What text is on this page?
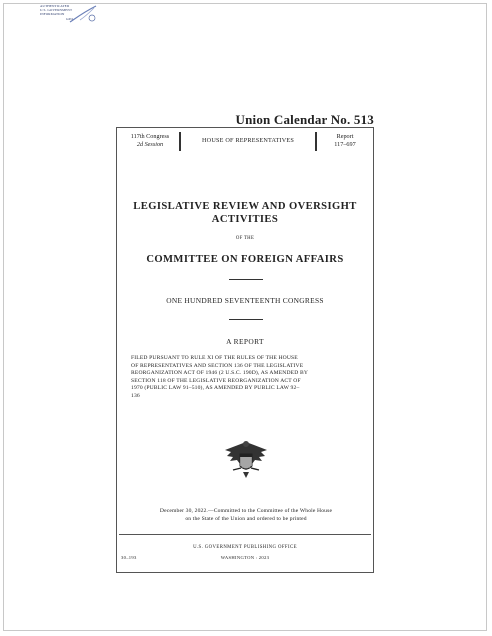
AUTHENTICATED
U.S. GOVERNMENT
INFORMATION
GPO
Union Calendar No. 513
117th Congress
2d Session	HOUSE OF REPRESENTATIVES
Report
117–697
LEGISLATIVE REVIEW AND OVERSIGHT
ACTIVITIES
OF THE
COMMITTEE ON FOREIGN AFFAIRS
ONE HUNDRED SEVENTEENTH CONGRESS
A REPORT
FILED PURSUANT TO RULE XI OF THE RULES OF THE HOUSE
OF REPRESENTATIVES AND SECTION 136 OF THE LEGISLATIVE
REORGANIZATION ACT OF 1946 (2 U.S.C. 190D), AS AMENDED BY
SECTION 118 OF THE LEGISLATIVE REORGANIZATION ACT OF
1970 (PUBLIC LAW 91–510), AS AMENDED BY PUBLIC LAW 92–
136
December 30, 2022.—Committed to the Committee of the Whole House
on the State of the Union and ordered to be printed
U.S. GOVERNMENT PUBLISHING OFFICE
WASHINGTON : 2023
30–193
